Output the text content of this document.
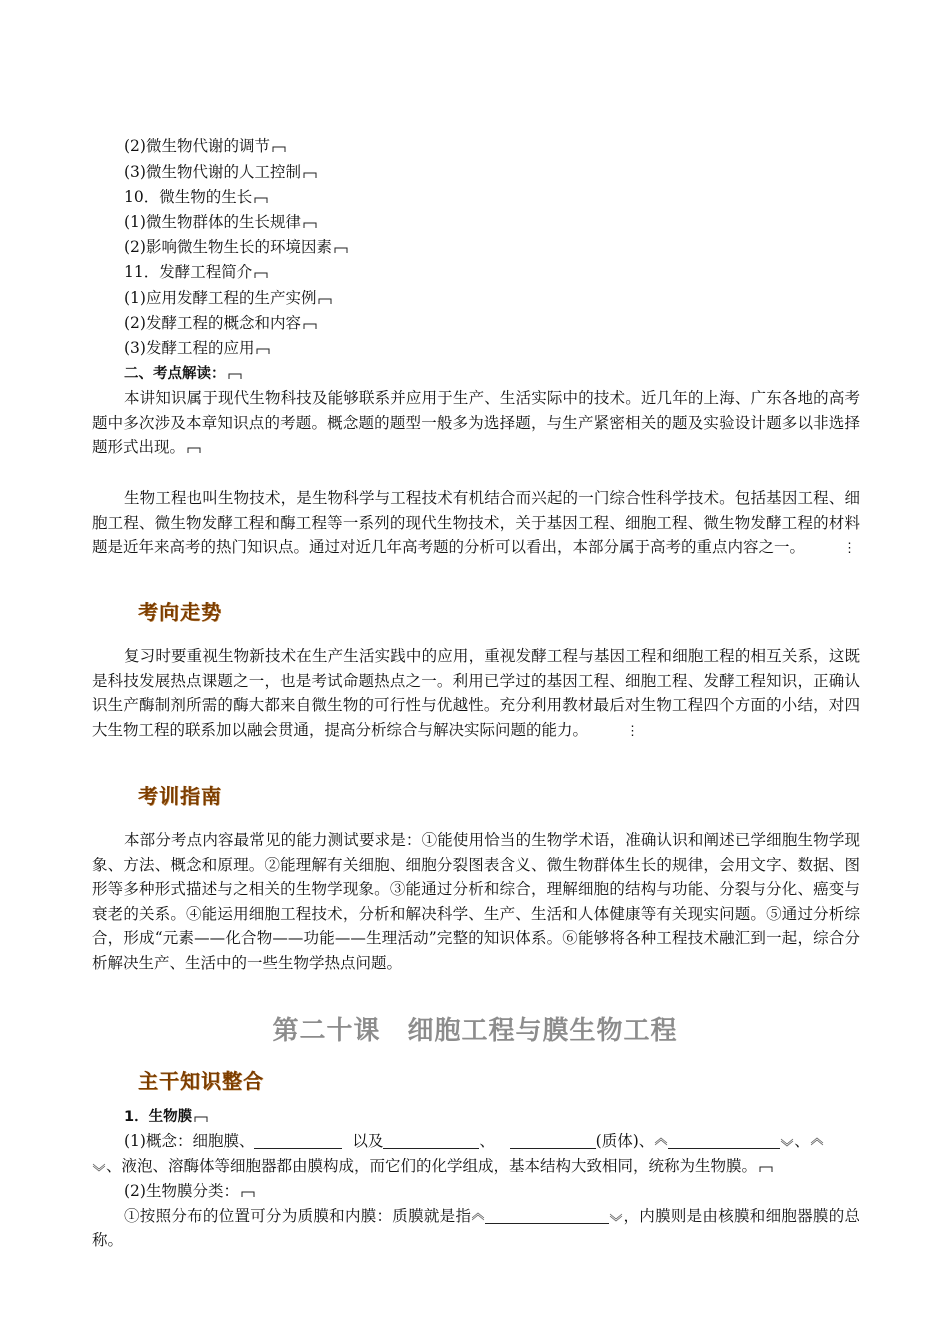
(2)微生物代谢的调节
(3)微生物代谢的人工控制
10．微生物的生长
(1)微生物群体的生长规律
(2)影响微生物生长的环境因素
11．发酵工程简介
(1)应用发酵工程的生产实例
(2)发酵工程的概念和内容
(3)发酵工程的应用
二、考点解读：
本讲知识属于现代生物科技及能够联系并应用于生产、生活实际中的技术。近几年的上海、广东各地的高考题中多次涉及本章知识点的考题。概念题的题型一般多为选择题，与生产紧密相关的题及实验设计题多以非选择题形式出现。
生物工程也叫生物技术，是生物科学与工程技术有机结合而兴起的一门综合性科学技术。包括基因工程、细胞工程、微生物发酵工程和酶工程等一系列的现代生物技术，关于基因工程、细胞工程、微生物发酵工程的材料题是近年来高考的热门知识点。通过对近几年高考题的分析可以看出，本部分属于高考的重点内容之一。	⋮
考向走势
复习时要重视生物新技术在生产生活实践中的应用，重视发酵工程与基因工程和细胞工程的相互关系，这既是科技发展热点课题之一，也是考试命题热点之一。利用已学过的基因工程、细胞工程、发酵工程知识，正确认识生产酶制剂所需的酶大都来自微生物的可行性与优越性。充分利用教材最后对生物工程四个方面的小结，对四大生物工程的联系加以融会贯通，提高分析综合与解决实际问题的能力。	⋮
考训指南
本部分考点内容最常见的能力测试要求是：①能使用恰当的生物学术语，准确认识和阐述已学细胞生物学现象、方法、概念和原理。②能理解有关细胞、细胞分裂图表含义、微生物群体生长的规律，会用文字、数据、图形等多种形式描述与之相关的生物学现象。③能通过分析和综合，理解细胞的结构与功能、分裂与分化、癌变与衰老的关系。④能运用细胞工程技术，分析和解决科学、生产、生活和人体健康等有关现实问题。⑤通过分析综合，形成“元素——化合物——功能——生理活动”完整的知识体系。⑥能够将各种工程技术融汇到一起，综合分析解决生产、生活中的一些生物学热点问题。
第二十课　细胞工程与膜生物工程
主干知识整合
1．生物膜
(1)概念：细胞膜、	以及	、	(质体)、	、
、液泡、溶酶体等细胞器都由膜构成，而它们的化学组成，基本结构大致相同，统称为生物膜。
(2)生物膜分类：
①按照分布的位置可分为质膜和内膜：质膜就是指	，内膜则是由核膜和细胞器膜的总称。
